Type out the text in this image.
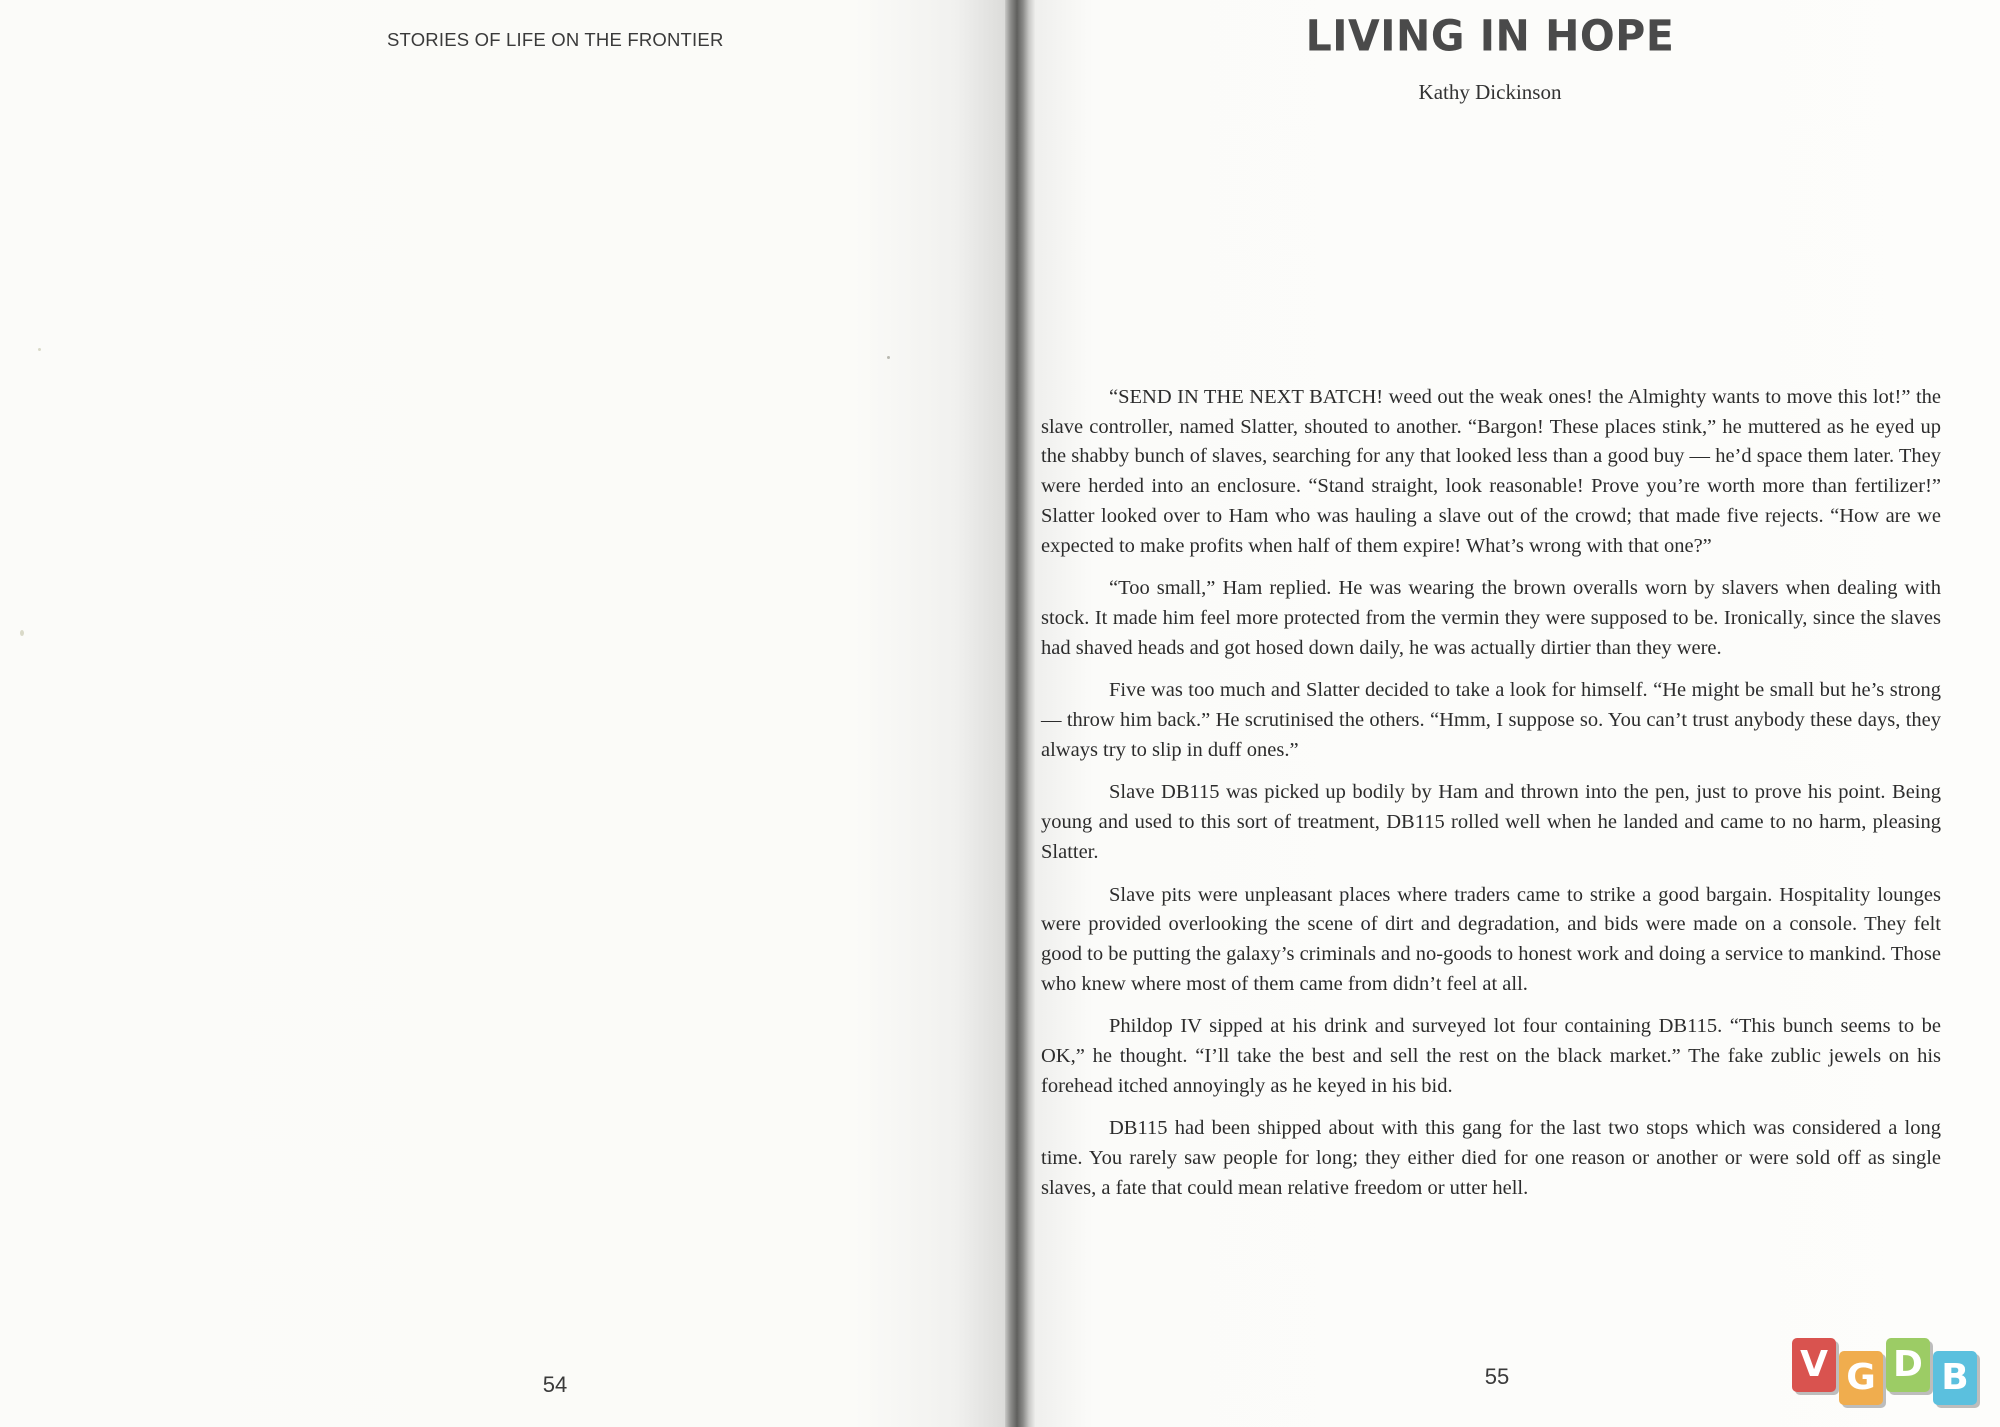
STORIES OF LIFE ON THE FRONTIER
54
LIVING IN HOPE
Kathy Dickinson

“SEND IN THE NEXT BATCH! weed out the weak ones! the Almighty wants to move this lot!” the slave controller, named Slatter, shouted to another. “Bargon! These places stink,” he muttered as he eyed up the shabby bunch of slaves, searching for any that looked less than a good buy — he’d space them later. They were herded into an enclosure. “Stand straight, look reasonable! Prove you’re worth more than fertilizer!” Slatter looked over to Ham who was hauling a slave out of the crowd; that made five rejects. “How are we expected to make profits when half of them expire! What’s wrong with that one?”

“Too small,” Ham replied. He was wearing the brown overalls worn by slavers when dealing with stock. It made him feel more protected from the vermin they were supposed to be. Ironically, since the slaves had shaved heads and got hosed down daily, he was actually dirtier than they were.

Five was too much and Slatter decided to take a look for himself. “He might be small but he’s strong — throw him back.” He scrutinised the others. “Hmm, I suppose so. You can’t trust anybody these days, they always try to slip in duff ones.”

Slave DB115 was picked up bodily by Ham and thrown into the pen, just to prove his point. Being young and used to this sort of treatment, DB115 rolled well when he landed and came to no harm, pleasing Slatter.

Slave pits were unpleasant places where traders came to strike a good bargain. Hospitality lounges were provided overlooking the scene of dirt and degradation, and bids were made on a console. They felt good to be putting the galaxy’s criminals and no-goods to honest work and doing a service to mankind. Those who knew where most of them came from didn’t feel at all.

Phildop IV sipped at his drink and surveyed lot four containing DB115. “This bunch seems to be OK,” he thought. “I’ll take the best and sell the rest on the black market.” The fake zublic jewels on his forehead itched annoyingly as he keyed in his bid.

DB115 had been shipped about with this gang for the last two stops which was considered a long time. You rarely saw people for long; they either died for one reason or another or were sold off as single slaves, a fate that could mean relative freedom or utter hell.

55	V G D B
